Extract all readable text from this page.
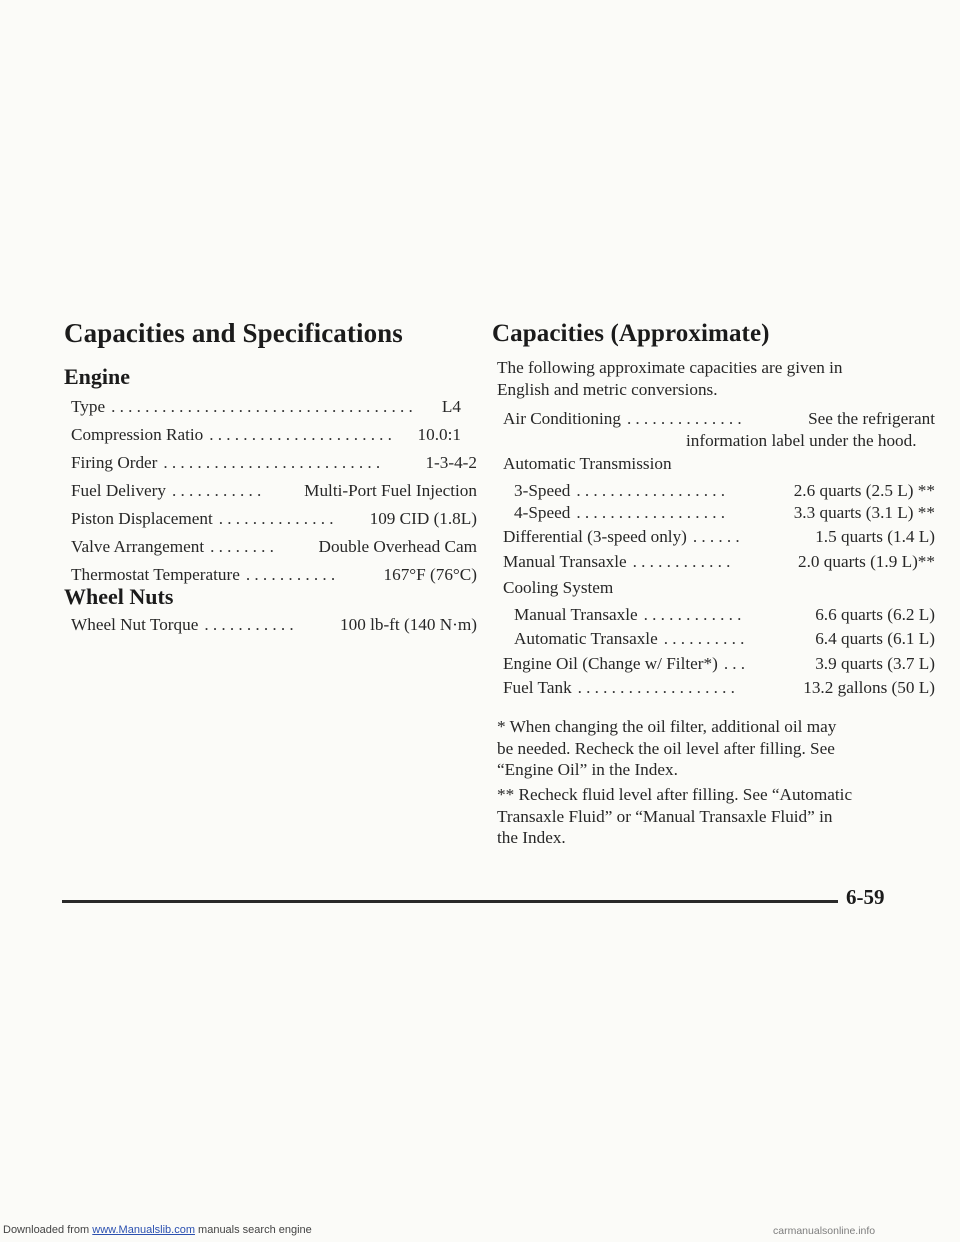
Capacities and Specifications
Engine
Type ....................................	L4
Compression Ratio ......................	10.0:1
Firing Order ..........................	1-3-4-2
Fuel Delivery ...........	Multi-Port Fuel Injection
Piston Displacement ..............	109 CID (1.8L)
Valve Arrangement ........	Double Overhead Cam
Thermostat Temperature ...........	167°F (76°C)
Wheel Nuts
Wheel Nut Torque ...........	100 lb-ft (140 N·m)
Capacities (Approximate)
The following approximate capacities are given in
English and metric conversions.
Air Conditioning ..............	See the refrigerant
information label under the hood.
Automatic Transmission
3-Speed ..................	2.6 quarts (2.5 L) **
4-Speed ..................	3.3 quarts (3.1 L) **
Differential (3-speed only) ......	1.5 quarts (1.4 L)
Manual Transaxle ............	2.0 quarts (1.9 L)**
Cooling System
Manual Transaxle ............	6.6 quarts (6.2 L)
Automatic Transaxle ..........	6.4 quarts (6.1 L)
Engine Oil (Change w/ Filter*) ...	3.9 quarts (3.7 L)
Fuel Tank ...................	13.2 gallons (50 L)
* When changing the oil filter, additional oil may
be needed. Recheck the oil level after filling. See
“Engine Oil” in the Index.
** Recheck fluid level after filling. See “Automatic
Transaxle Fluid” or “Manual Transaxle Fluid” in
the Index.
6-59
Downloaded from www.Manualslib.com manuals search engine	carmanualsonline.info
